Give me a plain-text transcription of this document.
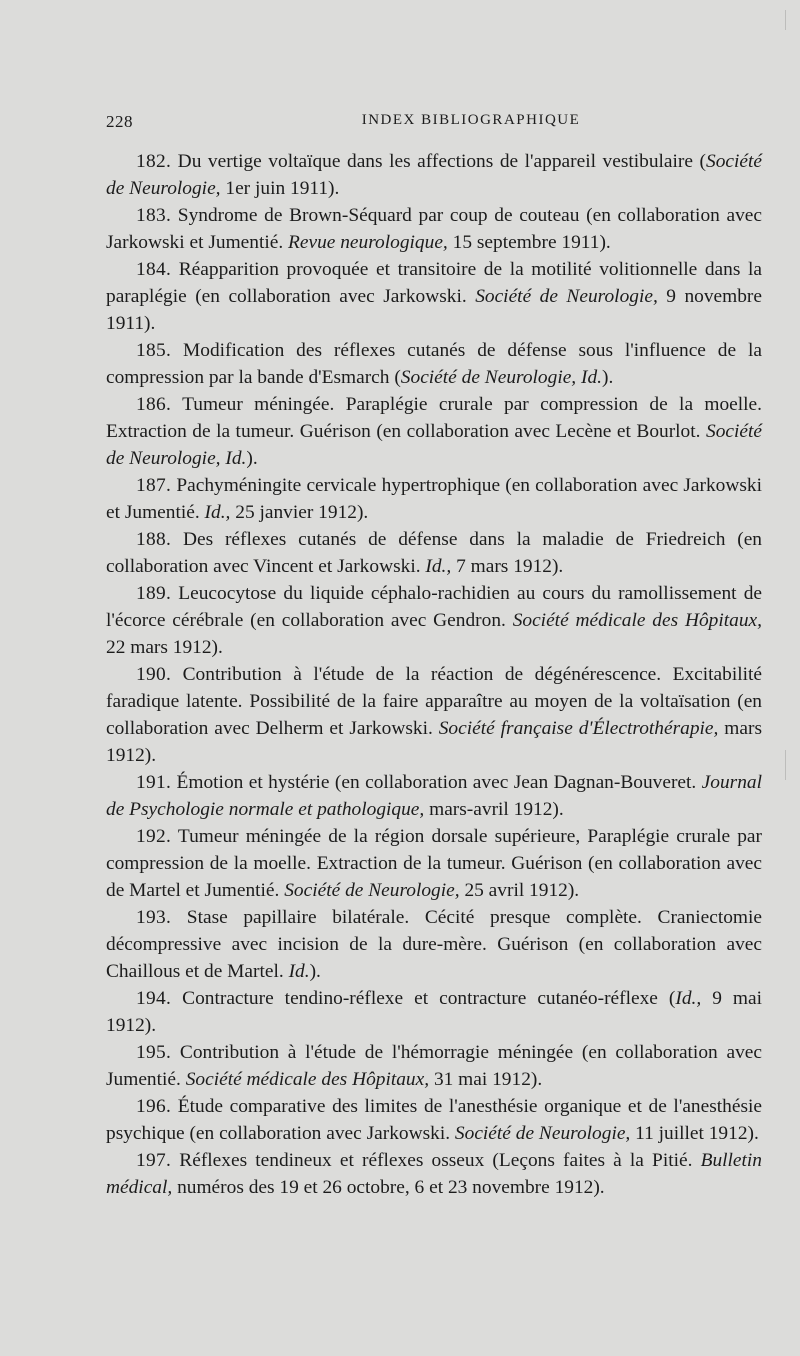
228	INDEX BIBLIOGRAPHIQUE

182. Du vertige voltaïque dans les affections de l'appareil vestibulaire (Société de Neurologie, 1er juin 1911).

183. Syndrome de Brown-Séquard par coup de couteau (en collaboration avec Jarkowski et Jumentié. Revue neurologique, 15 septembre 1911).

184. Réapparition provoquée et transitoire de la motilité volitionnelle dans la paraplégie (en collaboration avec Jarkowski. Société de Neurologie, 9 novembre 1911).

185. Modification des réflexes cutanés de défense sous l'influence de la compression par la bande d'Esmarch (Société de Neurologie, Id.).

186. Tumeur méningée. Paraplégie crurale par compression de la moelle. Extraction de la tumeur. Guérison (en collaboration avec Lecène et Bourlot. Société de Neurologie, Id.).

187. Pachyméningite cervicale hypertrophique (en collaboration avec Jarkowski et Jumentié. Id., 25 janvier 1912).

188. Des réflexes cutanés de défense dans la maladie de Friedreich (en collaboration avec Vincent et Jarkowski. Id., 7 mars 1912).

189. Leucocytose du liquide céphalo-rachidien au cours du ramollissement de l'écorce cérébrale (en collaboration avec Gendron. Société médicale des Hôpitaux, 22 mars 1912).

190. Contribution à l'étude de la réaction de dégénérescence. Excitabilité faradique latente. Possibilité de la faire apparaître au moyen de la voltaïsation (en collaboration avec Delherm et Jarkowski. Société française d'Électrothérapie, mars 1912).

191. Émotion et hystérie (en collaboration avec Jean Dagnan-Bouveret. Journal de Psychologie normale et pathologique, mars-avril 1912).

192. Tumeur méningée de la région dorsale supérieure, Paraplégie crurale par compression de la moelle. Extraction de la tumeur. Guérison (en collaboration avec de Martel et Jumentié. Société de Neurologie, 25 avril 1912).

193. Stase papillaire bilatérale. Cécité presque complète. Craniectomie décompressive avec incision de la dure-mère. Guérison (en collaboration avec Chaillous et de Martel. Id.).

194. Contracture tendino-réflexe et contracture cutanéo-réflexe (Id., 9 mai 1912).

195. Contribution à l'étude de l'hémorragie méningée (en collaboration avec Jumentié. Société médicale des Hôpitaux, 31 mai 1912).

196. Étude comparative des limites de l'anesthésie organique et de l'anesthésie psychique (en collaboration avec Jarkowski. Société de Neurologie, 11 juillet 1912).

197. Réflexes tendineux et réflexes osseux (Leçons faites à la Pitié. Bulletin médical, numéros des 19 et 26 octobre, 6 et 23 novembre 1912).
